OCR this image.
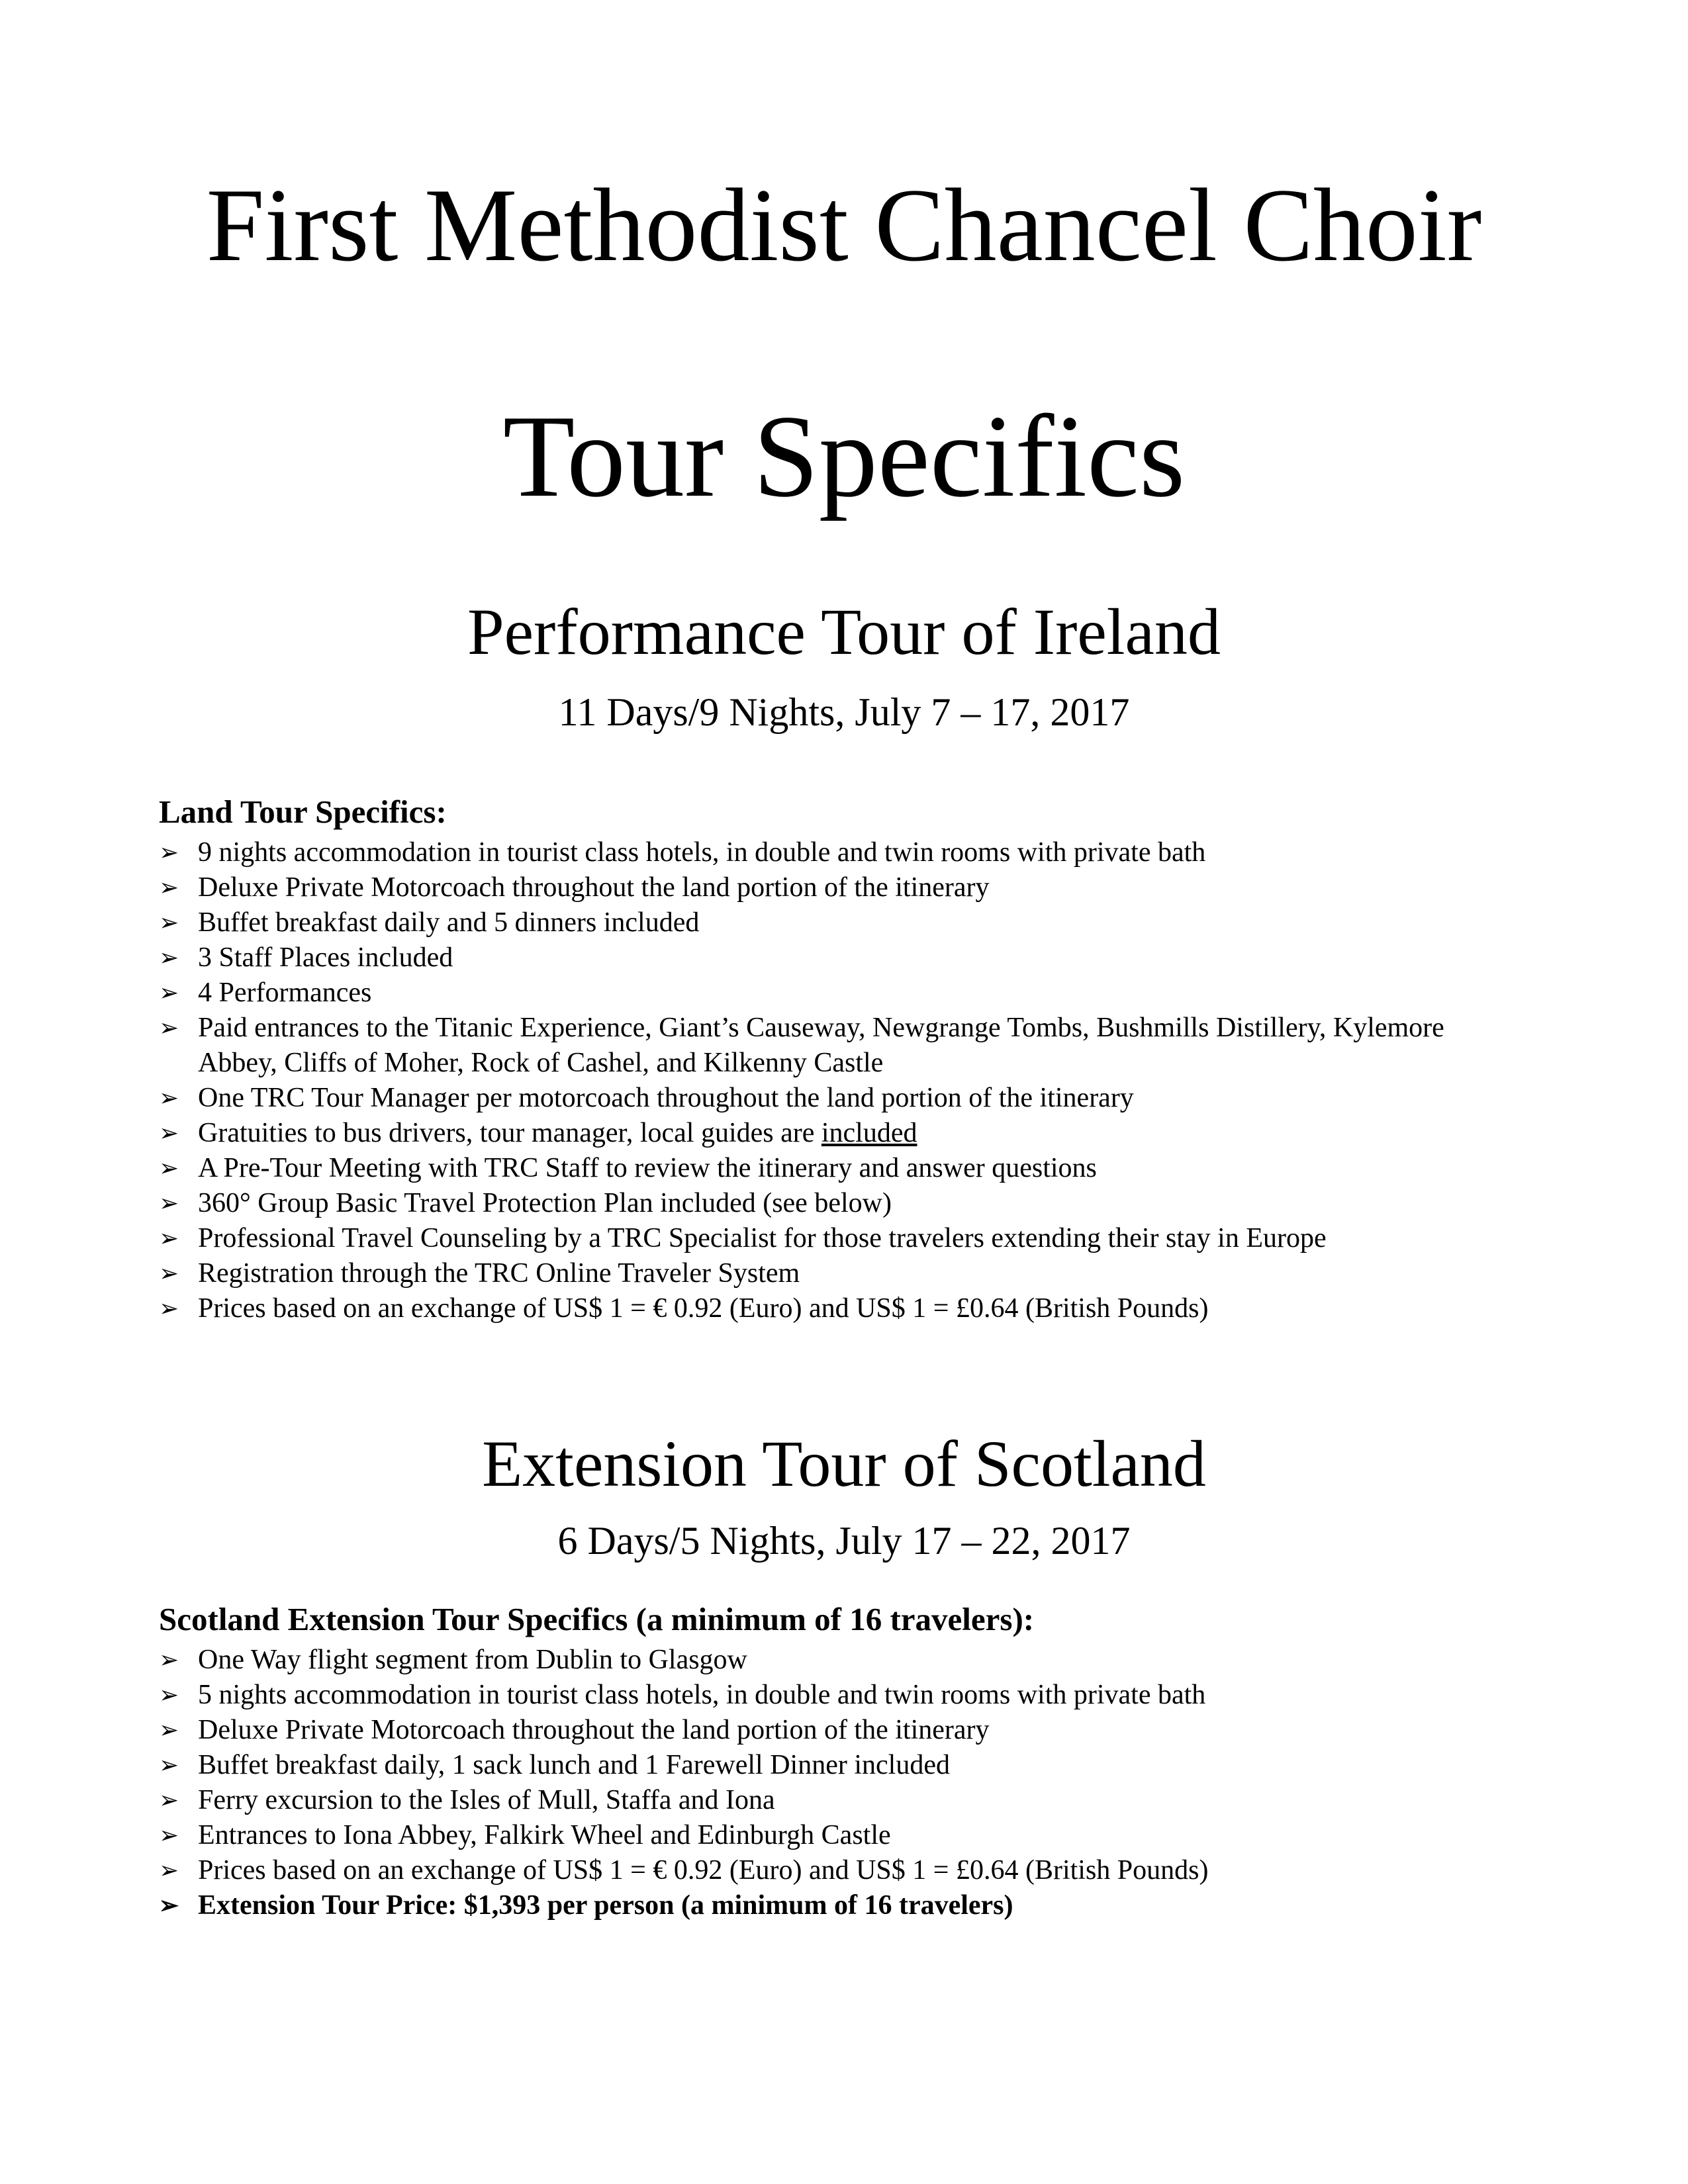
First Methodist Chancel Choir
Tour Specifics
Performance Tour of Ireland
11 Days/9 Nights, July 7 – 17, 2017
Land Tour Specifics:
➢ 9 nights accommodation in tourist class hotels, in double and twin rooms with private bath
➢ Deluxe Private Motorcoach throughout the land portion of the itinerary
➢ Buffet breakfast daily and 5 dinners included
➢ 3 Staff Places included
➢ 4 Performances
➢ Paid entrances to the Titanic Experience, Giant’s Causeway, Newgrange Tombs, Bushmills Distillery, Kylemore
Abbey, Cliffs of Moher, Rock of Cashel, and Kilkenny Castle
➢ One TRC Tour Manager per motorcoach throughout the land portion of the itinerary
➢ Gratuities to bus drivers, tour manager, local guides are included
➢ A Pre-Tour Meeting with TRC Staff to review the itinerary and answer questions
➢ 360° Group Basic Travel Protection Plan included (see below)
➢ Professional Travel Counseling by a TRC Specialist for those travelers extending their stay in Europe
➢ Registration through the TRC Online Traveler System
➢ Prices based on an exchange of US$ 1 = € 0.92 (Euro) and US$ 1 = £0.64 (British Pounds)
Extension Tour of Scotland
6 Days/5 Nights, July 17 – 22, 2017
Scotland Extension Tour Specifics (a minimum of 16 travelers):
➢ One Way flight segment from Dublin to Glasgow
➢ 5 nights accommodation in tourist class hotels, in double and twin rooms with private bath
➢ Deluxe Private Motorcoach throughout the land portion of the itinerary
➢ Buffet breakfast daily, 1 sack lunch and 1 Farewell Dinner included
➢ Ferry excursion to the Isles of Mull, Staffa and Iona
➢ Entrances to Iona Abbey, Falkirk Wheel and Edinburgh Castle
➢ Prices based on an exchange of US$ 1 = € 0.92 (Euro) and US$ 1 = £0.64 (British Pounds)
➢ Extension Tour Price: $1,393 per person (a minimum of 16 travelers)
